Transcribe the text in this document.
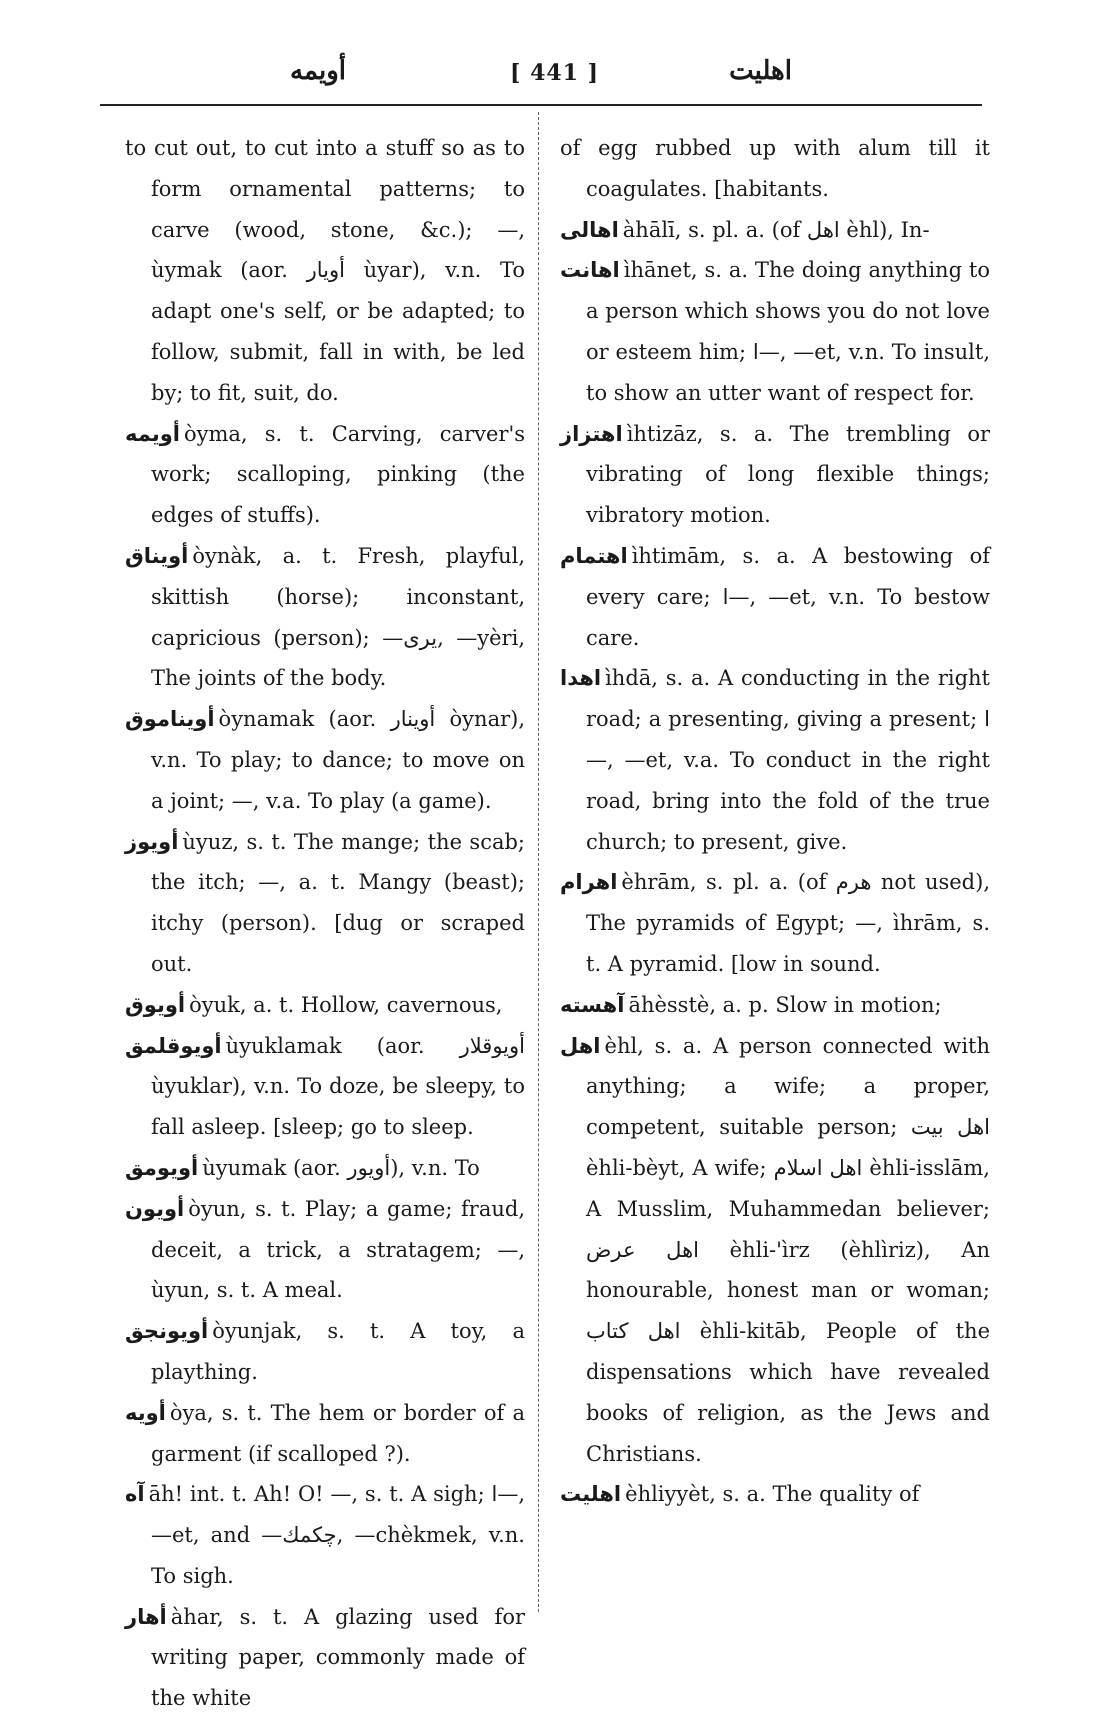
أويمه	[ 441 ]	اهليت

to cut out, to cut into a stuff so as to form ornamental patterns; to carve (wood, stone, &c.); —, ùymak (aor. أويار ùyar), v.n. To adapt one's self, or be adapted; to follow, submit, fall in with, be led by; to fit, suit, do.

أويمه òyma, s. t. Carving, carver's work; scalloping, pinking (the edges of stuffs).

أويناق òynàk, a. t. Fresh, playful, skittish (horse); inconstant, capricious (person); —يرى, —yèri, The joints of the body.

أويناموق òynamak (aor. أوينار òynar), v.n. To play; to dance; to move on a joint; —, v.a. To play (a game).

أويوز ùyuz, s. t. The mange; the scab; the itch; —, a. t. Mangy (beast); itchy (person). [dug or scraped out.

أويوق òyuk, a. t. Hollow, cavernous,

أويوقلمق ùyuklamak (aor. أويوقلار ùyuklar), v.n. To doze, be sleepy, to fall asleep. [sleep; go to sleep.

أويومق ùyumak (aor. أويور), v.n. To

أويون òyun, s. t. Play; a game; fraud, deceit, a trick, a stratagem; —, ùyun, s. t. A meal.

أويونجق òyunjak, s. t. A toy, a plaything.

أويه òya, s. t. The hem or border of a garment (if scalloped ?).

آه āh! int. t. Ah! O! —, s. t. A sigh; ا—, —et, and —چكمك, —chèkmek, v.n. To sigh.

أهار àhar, s. t. A glazing used for writing paper, commonly made of the white

of egg rubbed up with alum till it coagulates. [habitants.

اهالى àhālī, s. pl. a. (of اهل èhl), In-

اهانت ìhānet, s. a. The doing anything to a person which shows you do not love or esteem him; ا—, —et, v.n. To insult, to show an utter want of respect for.

اهتزاز ìhtizāz, s. a. The trembling or vibrating of long flexible things; vibratory motion.

اهتمام ìhtimām, s. a. A bestowing of every care; ا—, —et, v.n. To bestow care.

اهدا ìhdā, s. a. A conducting in the right road; a presenting, giving a present; ا—, —et, v.a. To conduct in the right road, bring into the fold of the true church; to present, give.

اهرام èhrām, s. pl. a. (of هرم not used), The pyramids of Egypt; —, ìhrām, s. t. A pyramid. [low in sound.

آهسته āhèsstè, a. p. Slow in motion;

اهل èhl, s. a. A person connected with anything; a wife; a proper, competent, suitable person; اهل بيت èhli-bèyt, A wife; اهل اسلام èhli-isslām, A Musslim, Muhammedan believer; اهل عرض èhli-'ìrz (èhlìriz), An honourable, honest man or woman; اهل كتاب èhli-kitāb, People of the dispensations which have revealed books of religion, as the Jews and Christians.

اهليت èhliyyèt, s. a. The quality of
